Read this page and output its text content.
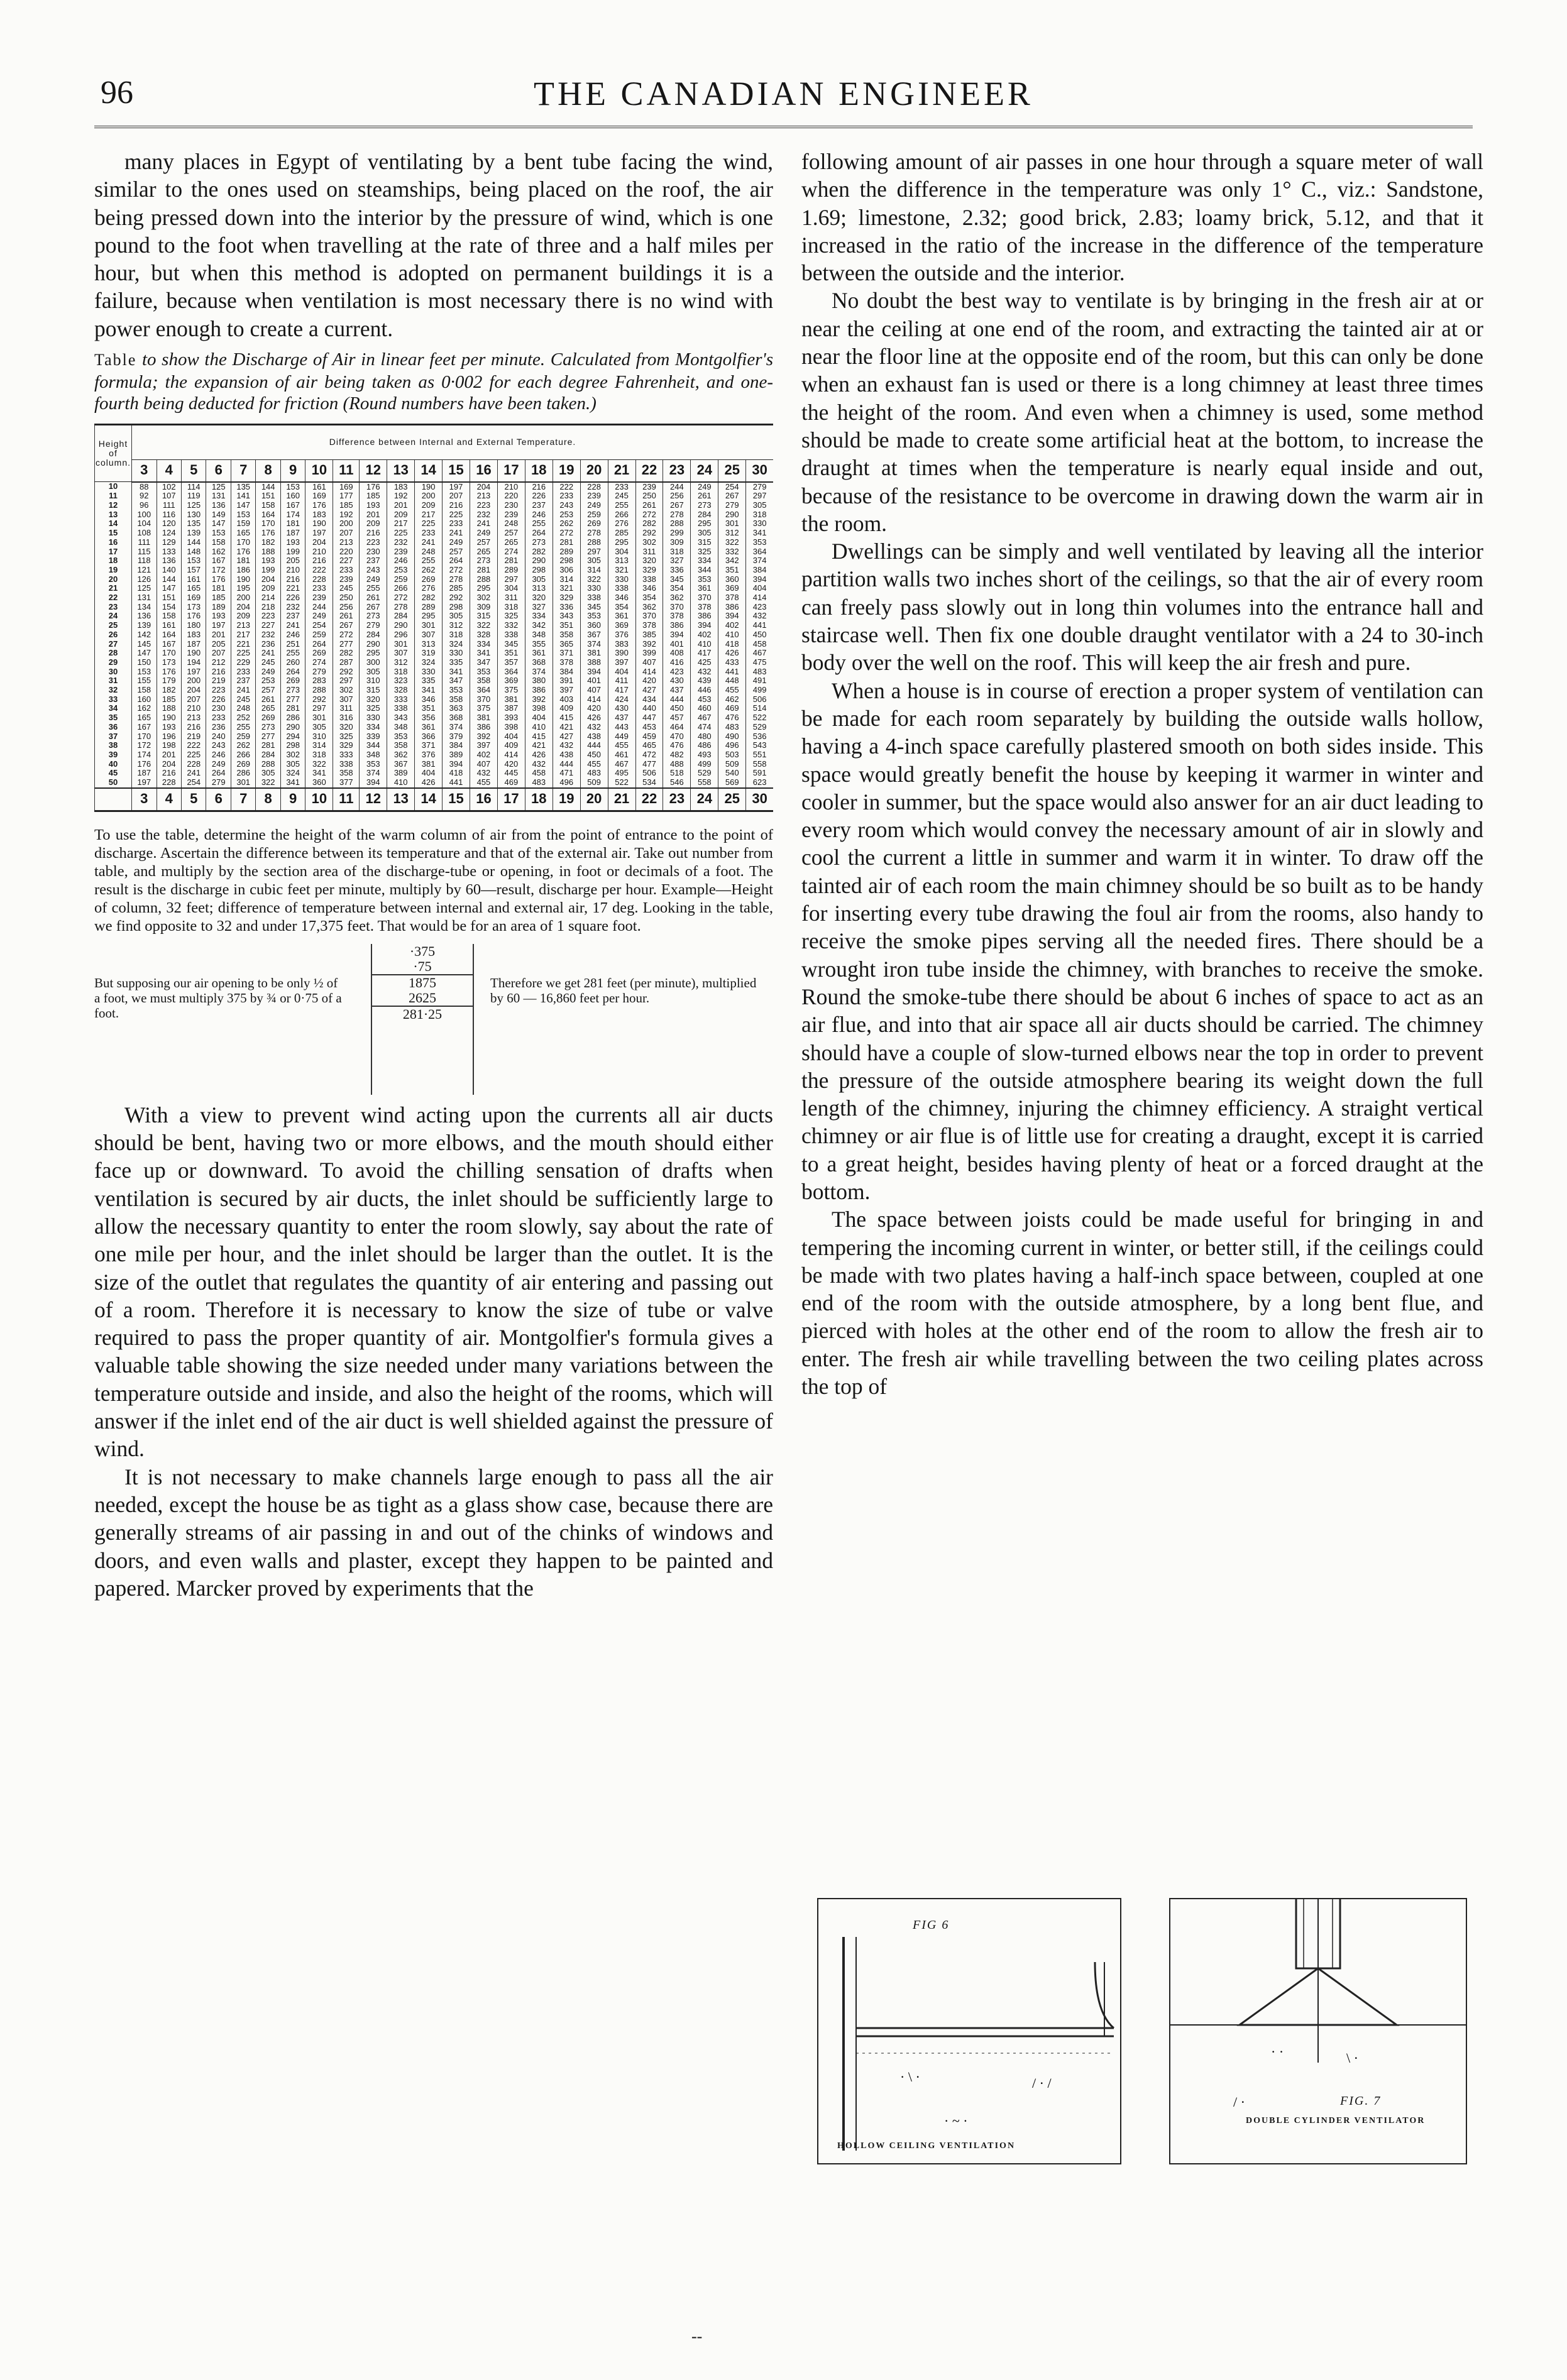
96	THE CANADIAN ENGINEER

many places in Egypt of ventilating by a bent tube facing the wind, similar to the ones used on steamships, being placed on the roof, the air being pressed down into the interior by the pressure of wind, which is one pound to the foot when travelling at the rate of three and a half miles per hour, but when this method is adopted on permanent buildings it is a failure, because when ventilation is most necessary there is no wind with power enough to create a current.

Table to show the Discharge of Air in linear feet per minute. Calculated from Montgolfier's formula; the expansion of air being taken as 0·002 for each degree Fahrenheit, and one-fourth being deducted for friction (Round numbers have been taken.)
Height of column.	Difference between Internal and External Temperature.																							
	3	4	5	6	7	8	9	10	11	12	13	14	15	16	17	18	19	20	21	22	23	24	25	30
10	88	102	114	125	135	144	153	161	169	176	183	190	197	204	210	216	222	228	233	239	244	249	254	279
11	92	107	119	131	141	151	160	169	177	185	192	200	207	213	220	226	233	239	245	250	256	261	267	297
12	96	111	125	136	147	158	167	176	185	193	201	209	216	223	230	237	243	249	255	261	267	273	279	305
13	100	116	130	149	153	164	174	183	192	201	209	217	225	232	239	246	253	259	266	272	278	284	290	318
14	104	120	135	147	159	170	181	190	200	209	217	225	233	241	248	255	262	269	276	282	288	295	301	330
15	108	124	139	153	165	176	187	197	207	216	225	233	241	249	257	264	272	278	285	292	299	305	312	341
16	111	129	144	158	170	182	193	204	213	223	232	241	249	257	265	273	281	288	295	302	309	315	322	353
17	115	133	148	162	176	188	199	210	220	230	239	248	257	265	274	282	289	297	304	311	318	325	332	364
18	118	136	153	167	181	193	205	216	227	237	246	255	264	273	281	290	298	305	313	320	327	334	342	374
19	121	140	157	172	186	199	210	222	233	243	253	262	272	281	289	298	306	314	321	329	336	344	351	384
20	126	144	161	176	190	204	216	228	239	249	259	269	278	288	297	305	314	322	330	338	345	353	360	394
21	125	147	165	181	195	209	221	233	245	255	266	276	285	295	304	313	321	330	338	346	354	361	369	404
22	131	151	169	185	200	214	226	239	250	261	272	282	292	302	311	320	329	338	346	354	362	370	378	414
23	134	154	173	189	204	218	232	244	256	267	278	289	298	309	318	327	336	345	354	362	370	378	386	423
24	136	158	176	193	209	223	237	249	261	273	284	295	305	315	325	334	343	353	361	370	378	386	394	432
25	139	161	180	197	213	227	241	254	267	279	290	301	312	322	332	342	351	360	369	378	386	394	402	441
26	142	164	183	201	217	232	246	259	272	284	296	307	318	328	338	348	358	367	376	385	394	402	410	450
27	145	167	187	205	221	236	251	264	277	290	301	313	324	334	345	355	365	374	383	392	401	410	418	458
28	147	170	190	207	225	241	255	269	282	295	307	319	330	341	351	361	371	381	390	399	408	417	426	467
29	150	173	194	212	229	245	260	274	287	300	312	324	335	347	357	368	378	388	397	407	416	425	433	475
30	153	176	197	216	233	249	264	279	292	305	318	330	341	353	364	374	384	394	404	414	423	432	441	483
31	155	179	200	219	237	253	269	283	297	310	323	335	347	358	369	380	391	401	411	420	430	439	448	491
32	158	182	204	223	241	257	273	288	302	315	328	341	353	364	375	386	397	407	417	427	437	446	455	499
33	160	185	207	226	245	261	277	292	307	320	333	346	358	370	381	392	403	414	424	434	444	453	462	506
34	162	188	210	230	248	265	281	297	311	325	338	351	363	375	387	398	409	420	430	440	450	460	469	514
35	165	190	213	233	252	269	286	301	316	330	343	356	368	381	393	404	415	426	437	447	457	467	476	522
36	167	193	216	236	255	273	290	305	320	334	348	361	374	386	398	410	421	432	443	453	464	474	483	529
37	170	196	219	240	259	277	294	310	325	339	353	366	379	392	404	415	427	438	449	459	470	480	490	536
38	172	198	222	243	262	281	298	314	329	344	358	371	384	397	409	421	432	444	455	465	476	486	496	543
39	174	201	225	246	266	284	302	318	333	348	362	376	389	402	414	426	438	450	461	472	482	493	503	551
40	176	204	228	249	269	288	305	322	338	353	367	381	394	407	420	432	444	455	467	477	488	499	509	558
45	187	216	241	264	286	305	324	341	358	374	389	404	418	432	445	458	471	483	495	506	518	529	540	591
50	197	228	254	279	301	322	341	360	377	394	410	426	441	455	469	483	496	509	522	534	546	558	569	623
	3	4	5	6	7	8	9	10	11	12	13	14	15	16	17	18	19	20	21	22	23	24	25	30
To use the table, determine the height of the warm column of air from the point of entrance to the point of discharge. Ascertain the difference between its temperature and that of the external air. Take out number from table, and multiply by the section area of the discharge-tube or opening, in foot or decimals of a foot. The result is the discharge in cubic feet per minute, multiply by 60—result, discharge per hour. Example—Height of column, 32 feet; difference of temperature between internal and external air, 17 deg. Looking in the table, we find opposite to 32 and under 17,375 feet. That would be for an area of 1 square foot.
But supposing our air opening to be only ½ of a foot, we must multiply 375 by ¾ or 0·75 of a foot.
·375
·75
1875
2625
281·25
Therefore we get 281 feet (per minute), multiplied by 60 — 16,860 feet per hour.

With a view to prevent wind acting upon the currents all air ducts should be bent, having two or more elbows, and the mouth should either face up or downward. To avoid the chilling sensation of drafts when ventilation is secured by air ducts, the inlet should be sufficiently large to allow the necessary quantity to enter the room slowly, say about the rate of one mile per hour, and the inlet should be larger than the outlet. It is the size of the outlet that regulates the quantity of air entering and passing out of a room. Therefore it is necessary to know the size of tube or valve required to pass the proper quantity of air. Montgolfier's formula gives a valuable table showing the size needed under many variations between the temperature outside and inside, and also the height of the rooms, which will answer if the inlet end of the air duct is well shielded against the pressure of wind.

It is not necessary to make channels large enough to pass all the air needed, except the house be as tight as a glass show case, because there are generally streams of air passing in and out of the chinks of windows and doors, and even walls and plaster, except they happen to be painted and papered. Marcker proved by experiments that the

following amount of air passes in one hour through a square meter of wall when the difference in the temperature was only 1° C., viz.: Sandstone, 1.69; limestone, 2.32; good brick, 2.83; loamy brick, 5.12, and that it increased in the ratio of the increase in the difference of the temperature between the outside and the interior.

No doubt the best way to ventilate is by bringing in the fresh air at or near the ceiling at one end of the room, and extracting the tainted air at or near the floor line at the opposite end of the room, but this can only be done when an exhaust fan is used or there is a long chimney at least three times the height of the room. And even when a chimney is used, some method should be made to create some artificial heat at the bottom, to increase the draught at times when the temperature is nearly equal inside and out, because of the resistance to be overcome in drawing down the warm air in the room.

Dwellings can be simply and well ventilated by leaving all the interior partition walls two inches short of the ceilings, so that the air of every room can freely pass slowly out in long thin volumes into the entrance hall and staircase well. Then fix one double draught ventilator with a 24 to 30-inch body over the well on the roof. This will keep the air fresh and pure.

When a house is in course of erection a proper system of ventilation can be made for each room separately by building the outside walls hollow, having a 4-inch space carefully plastered smooth on both sides inside. This space would greatly benefit the house by keeping it warmer in winter and cooler in summer, but the space would also answer for an air duct leading to every room which would convey the necessary amount of air in slowly and cool the current a little in summer and warm it in winter. To draw off the tainted air of each room the main chimney should be so built as to be handy for inserting every tube drawing the foul air from the rooms, also handy to receive the smoke pipes serving all the needed fires. There should be a wrought iron tube inside the chimney, with branches to receive the smoke. Round the smoke-tube there should be about 6 inches of space to act as an air flue, and into that air space all air ducts should be carried. The chimney should have a couple of slow-turned elbows near the top in order to prevent the pressure of the outside atmosphere bearing its weight down the full length of the chimney, injuring the chimney efficiency. A straight vertical chimney or air flue is of little use for creating a draught, except it is carried to a great height, besides having plenty of heat or a forced draught at the bottom.

The space between joists could be made useful for bringing in and tempering the incoming current in winter, or better still, if the ceilings could be made with two plates having a half-inch space between, coupled at one end of the room with the outside atmosphere, by a long bent flue, and pierced with holes at the other end of the room to allow the fresh air to enter. The fresh air while travelling between the two ceiling plates across the top of

· \ ·	/ · /
· ~ ·
FIG 6
HOLLOW CEILING VENTILATION
· ·	\ ·
/ ·	FIG. 7
DOUBLE CYLINDER VENTILATOR
--
